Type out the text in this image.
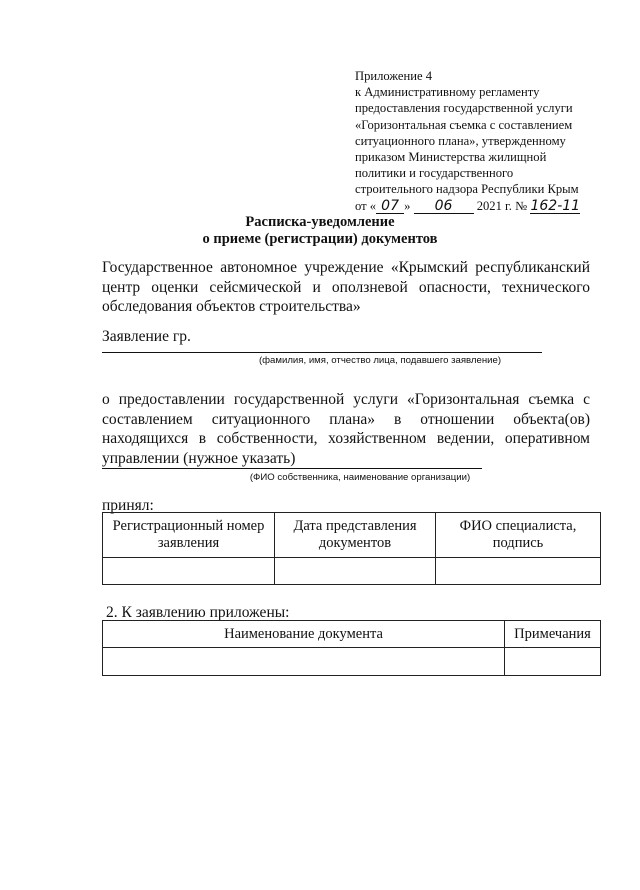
Приложение 4
к Административному регламенту
предоставления государственной услуги
«Горизонтальная съемка с составлением
ситуационного плана», утвержденному
приказом Министерства жилищной
политики и государственного
строительного надзора Республики Крым
от « 07 » 06 2021 г. № 162-11
Расписка-уведомление
о приеме (регистрации) документов
Государственное автономное учреждение «Крымский республиканский центр оценки сейсмической и оползневой опасности, технического обследования объектов строительства»
Заявление гр.
(фамилия, имя, отчество лица, подавшего заявление)
о предоставлении государственной услуги «Горизонтальная съемка с составлением ситуационного плана» в отношении объекта(ов) находящихся в собственности, хозяйственном ведении, оперативном управлении (нужное указать)
(ФИО собственника, наименование организации)
принял:
Регистрационный номер заявления	Дата представления документов	ФИО специалиста, подпись

2. К заявлению приложены:
Наименование документа	Примечания
